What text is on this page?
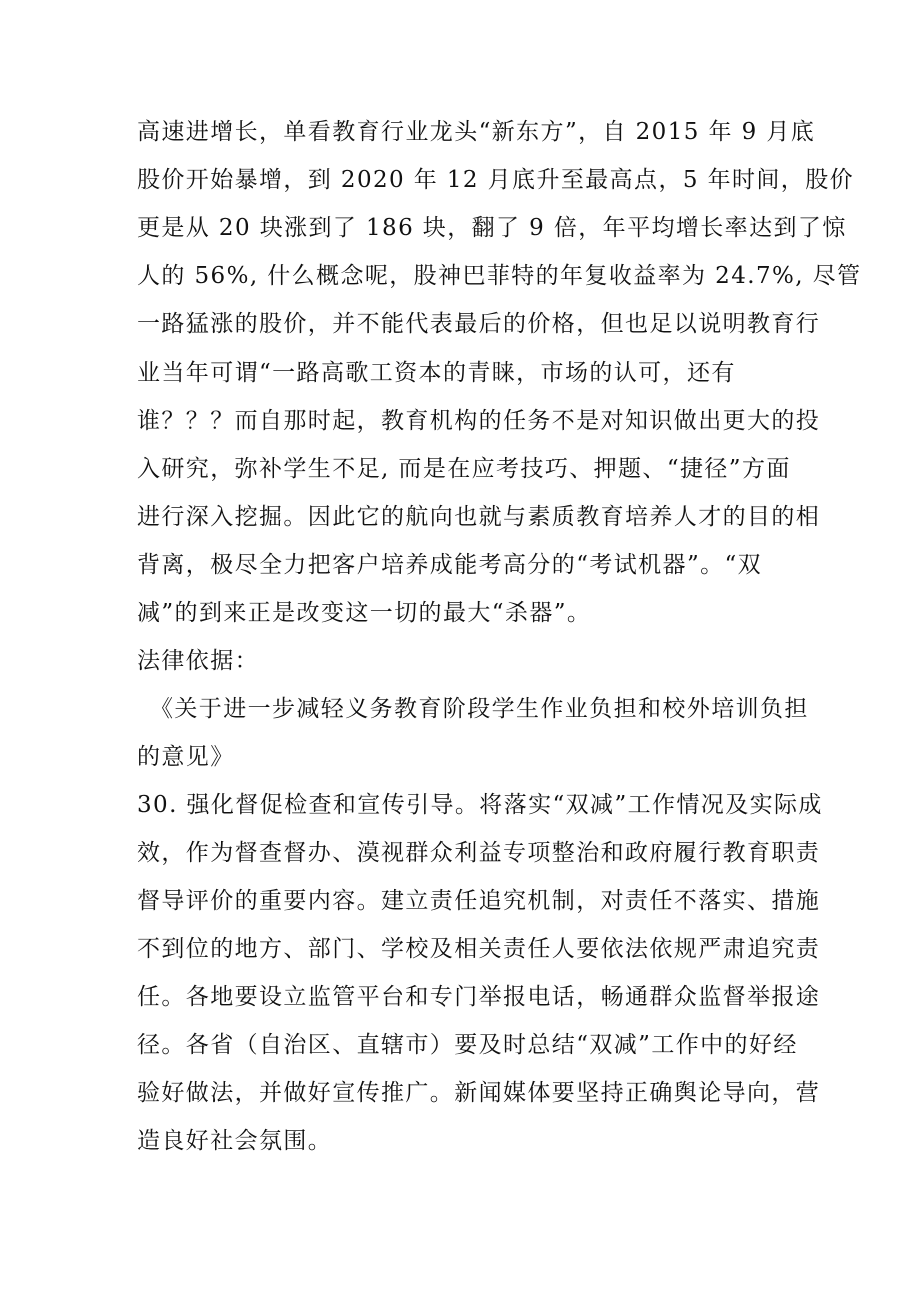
高速进增长，单看教育行业龙头“新东方”，自 2015 年 9 月底
股价开始暴增，到 2020 年 12 月底升至最高点，5 年时间，股价
更是从 20 块涨到了 186 块，翻了 9 倍，年平均增长率达到了惊
人的 56%, 什么概念呢，股神巴菲特的年复收益率为 24.7%, 尽管
一路猛涨的股价，并不能代表最后的价格，但也足以说明教育行
业当年可谓“一路高歌工资本的青睐，市场的认可，还有
谁？？？而自那时起，教育机构的任务不是对知识做出更大的投
入研究，弥补学生不足, 而是在应考技巧、押题、“捷径”方面
进行深入挖掘。因此它的航向也就与素质教育培养人才的目的相
背离，极尽全力把客户培养成能考高分的“考试机器”。“双
减”的到来正是改变这一切的最大“杀器”。
法律依据：
《关于进一步减轻义务教育阶段学生作业负担和校外培训负担
的意见》
30. 强化督促检查和宣传引导。将落实“双减”工作情况及实际成
效，作为督查督办、漠视群众利益专项整治和政府履行教育职责
督导评价的重要内容。建立责任追究机制，对责任不落实、措施
不到位的地方、部门、学校及相关责任人要依法依规严肃追究责
任。各地要设立监管平台和专门举报电话，畅通群众监督举报途
径。各省（自治区、直辖市）要及时总结“双减”工作中的好经
验好做法，并做好宣传推广。新闻媒体要坚持正确舆论导向，营
造良好社会氛围。
